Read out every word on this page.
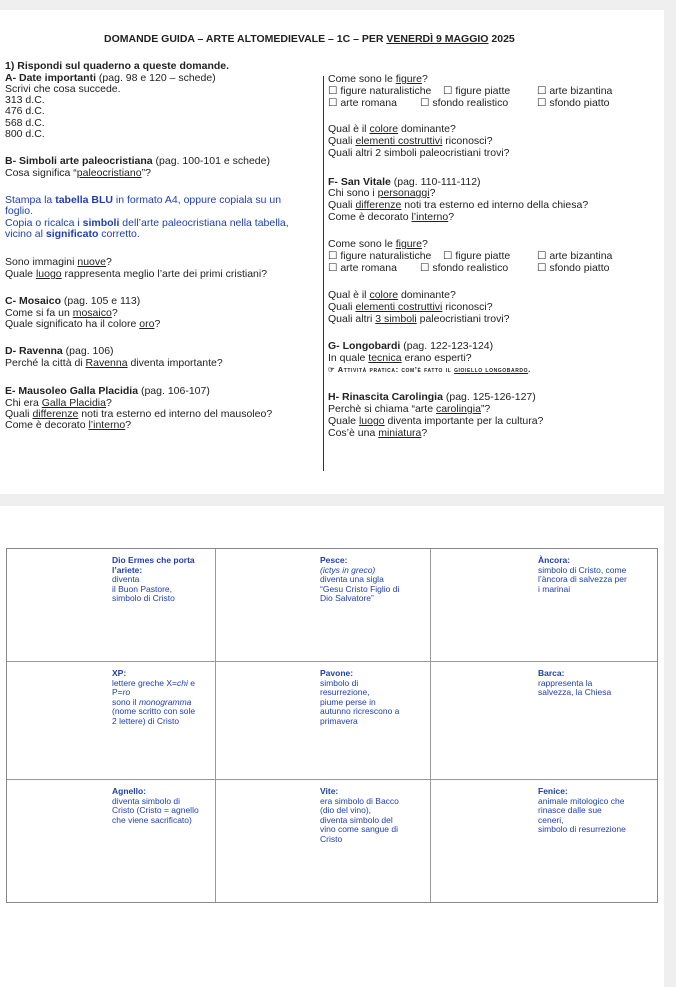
DOMANDE GUIDA – ARTE ALTOMEDIEVALE – 1C – PER VENERDÌ 9 MAGGIO 2025
1) Rispondi sul quaderno a queste domande.
A- Date importanti (pag. 98 e 120 – schede)
Scrivi che cosa succede.
313 d.C.
476 d.C.
568 d.C.
800 d.C.
B- Simboli arte paleocristiana (pag. 100-101 e schede)
Cosa significa “paleocristiano”?
Stampa la tabella BLU in formato A4, oppure copiala su un
foglio.
Copia o ricalca i simboli dell’arte paleocristiana nella tabella,
vicino al significato corretto.
Sono immagini nuove?
Quale luogo rappresenta meglio l’arte dei primi cristiani?
C- Mosaico (pag. 105 e 113)
Come si fa un mosaico?
Quale significato ha il colore oro?
D- Ravenna (pag. 106)
Perché la città di Ravenna diventa importante?
E- Mausoleo Galla Placidia (pag. 106-107)
Chi era Galla Placidia?
Quali differenze noti tra esterno ed interno del mausoleo?
Come è decorato l’interno?
Come sono le figure?
☐ figure naturalistiche ☐ figure piatte	☐ arte bizantina
☐ arte romana ☐ sfondo realistico	☐ sfondo piatto
Qual è il colore dominante?
Quali elementi costruttivi riconosci?
Quali altri 2 simboli paleocristiani trovi?
F- San Vitale (pag. 110-111-112)
Chi sono i personaggi?
Quali differenze noti tra esterno ed interno della chiesa?
Come è decorato l’interno?
Come sono le figure?
☐ figure naturalistiche ☐ figure piatte	☐ arte bizantina
☐ arte romana ☐ sfondo realistico	☐ sfondo piatto
Qual è il colore dominante?
Quali elementi costruttivi riconosci?
Quali altri 3 simboli paleocristiani trovi?
G- Longobardi (pag. 122-123-124)
In quale tecnica erano esperti?
☞ Attività pratica: com’è fatto il gioiello longobardo.
H- Rinascita Carolingia (pag. 125-126-127)
Perchè si chiama “arte carolingia”?
Quale luogo diventa importante per la cultura?
Cos’è una miniatura?
Dio Ermes che porta
l’ariete:
diventa
il Buon Pastore,
simbolo di Cristo
Pesce:
(ictys in greco)
diventa una sigla
“Gesu Cristo Figlio di
Dio Salvatore”
Àncora:
simbolo di Cristo, come
l’àncora di salvezza per
i marinai
XP:
lettere greche X=chi e
P=ro
sono il monogramma
(nome scritto con sole
2 lettere) di Cristo
Pavone:
simbolo di
resurrezione,
piume perse in
autunno ricrescono a
primavera
Barca:
rappresenta la
salvezza, la Chiesa
Agnello:
diventa simbolo di
Cristo (Cristo = agnello
che viene sacrificato)
Vite:
era simbolo di Bacco
(dio del vino),
diventa simbolo del
vino come sangue di
Cristo
Fenice:
animale mitologico che
rinasce dalle sue
ceneri,
simbolo di resurrezione
